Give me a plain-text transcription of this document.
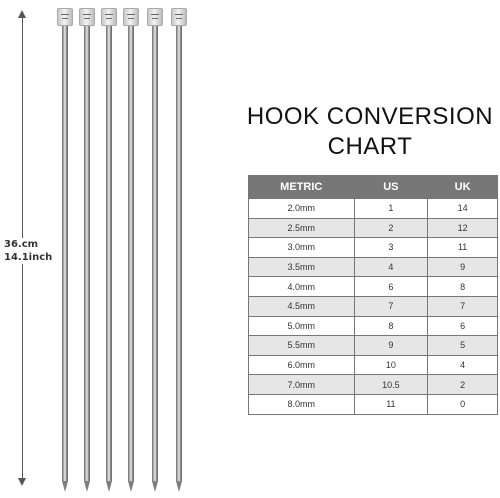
36.cm
14.1inch
HOOK CONVERSION
CHART
METRIC	US	UK
2.0mm	1	14
2.5mm	2	12
3.0mm	3	11
3.5mm	4	9
4.0mm	6	8
4.5mm	7	7
5.0mm	8	6
5.5mm	9	5
6.0mm	10	4
7.0mm	10.5	2
8.0mm	11	0
